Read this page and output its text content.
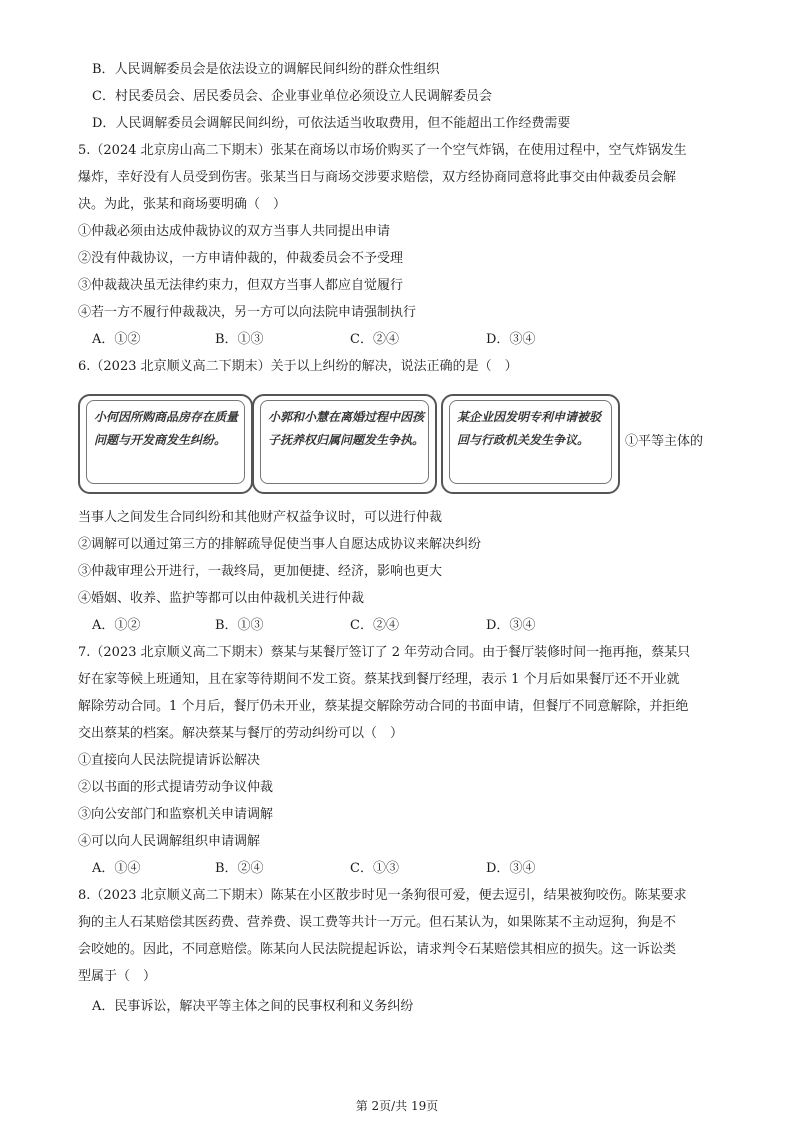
B．人民调解委员会是依法设立的调解民间纠纷的群众性组织
C．村民委员会、居民委员会、企业事业单位必须设立人民调解委员会
D．人民调解委员会调解民间纠纷，可依法适当收取费用，但不能超出工作经费需要
5.（2024 北京房山高二下期末）张某在商场以市场价购买了一个空气炸锅，在使用过程中，空气炸锅发生
爆炸，幸好没有人员受到伤害。张某当日与商场交涉要求赔偿，双方经协商同意将此事交由仲裁委员会解
决。为此，张某和商场要明确（　）
①仲裁必须由达成仲裁协议的双方当事人共同提出申请
②没有仲裁协议，一方申请仲裁的，仲裁委员会不予受理
③仲裁裁决虽无法律约束力，但双方当事人都应自觉履行
④若一方不履行仲裁裁决，另一方可以向法院申请强制执行
A．①②	B．①③	C．②④	D．③④
6.（2023 北京顺义高二下期末）关于以上纠纷的解决，说法正确的是（　）
小何因所购商品房存在质量问题与开发商发生纠纷。
小郭和小慧在离婚过程中因孩子抚养权归属问题发生争执。
某企业因发明专利申请被驳回与行政机关发生争议。	①平等主体的
当事人之间发生合同纠纷和其他财产权益争议时，可以进行仲裁
②调解可以通过第三方的排解疏导促使当事人自愿达成协议来解决纠纷
③仲裁审理公开进行，一裁终局，更加便捷、经济，影响也更大
④婚姻、收养、监护等都可以由仲裁机关进行仲裁
A．①②	B．①③	C．②④	D．③④
7.（2023 北京顺义高二下期末）蔡某与某餐厅签订了 2 年劳动合同。由于餐厅装修时间一拖再拖，蔡某只
好在家等候上班通知，且在家等待期间不发工资。蔡某找到餐厅经理，表示 1 个月后如果餐厅还不开业就
解除劳动合同。1 个月后，餐厅仍未开业，蔡某提交解除劳动合同的书面申请，但餐厅不同意解除，并拒绝
交出蔡某的档案。解决蔡某与餐厅的劳动纠纷可以（　）
①直接向人民法院提请诉讼解决
②以书面的形式提请劳动争议仲裁
③向公安部门和监察机关申请调解
④可以向人民调解组织申请调解
A．①④	B．②④	C．①③	D．③④
8.（2023 北京顺义高二下期末）陈某在小区散步时见一条狗很可爱，便去逗引，结果被狗咬伤。陈某要求
狗的主人石某赔偿其医药费、营养费、误工费等共计一万元。但石某认为，如果陈某不主动逗狗，狗是不
会咬她的。因此，不同意赔偿。陈某向人民法院提起诉讼，请求判令石某赔偿其相应的损失。这一诉讼类
型属于（　）
A．民事诉讼，解决平等主体之间的民事权利和义务纠纷
第 2页/共 19页
